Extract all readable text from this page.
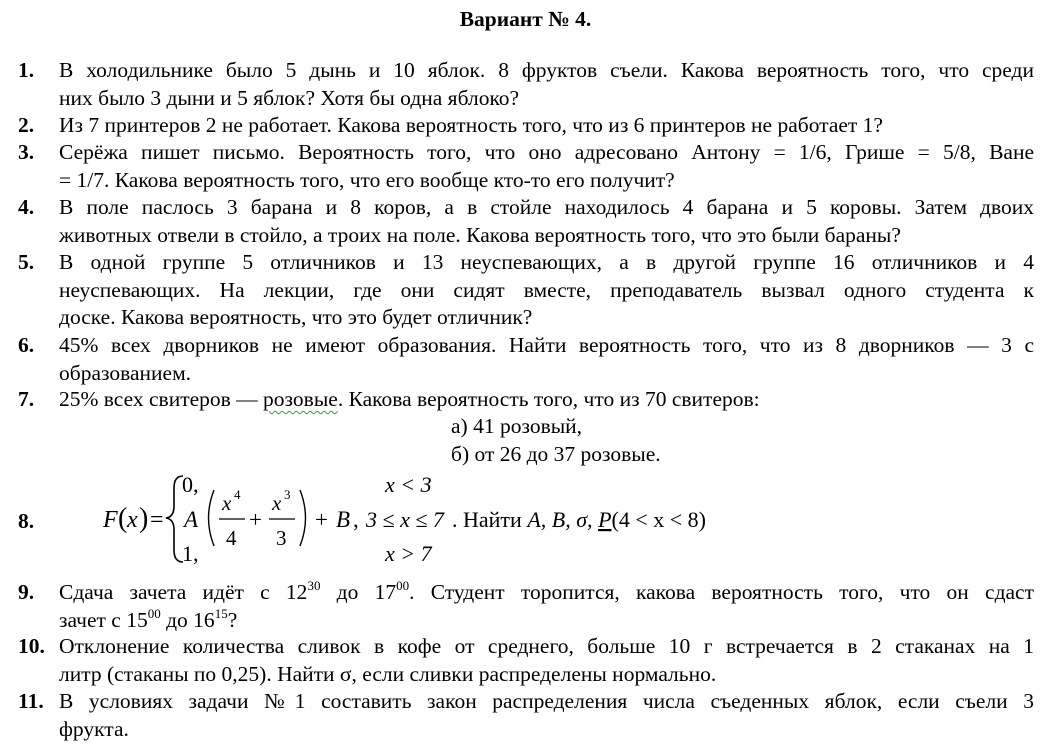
Вариант № 4.
1. В холодильнике было 5 дынь и 10 яблок. 8 фруктов съели. Какова вероятность того, что среди
них было 3 дыни и 5 яблок? Хотя бы одна яблоко?
2. Из 7 принтеров 2 не работает. Какова вероятность того, что из 6 принтеров не работает 1?
3. Серёжа пишет письмо. Вероятность того, что оно адресовано Антону = 1/6, Грише = 5/8, Ване
= 1/7. Какова вероятность того, что его вообще кто-то его получит?
4. В поле паслось 3 барана и 8 коров, а в стойле находилось 4 барана и 5 коровы. Затем двоих
животных отвели в стойло, а троих на поле. Какова вероятность того, что это были бараны?
5. В одной группе 5 отличников и 13 неуспевающих, а в другой группе 16 отличников и 4
неуспевающих. На лекции, где они сидят вместе, преподаватель вызвал одного студента к
доске. Какова вероятность, что это будет отличник?
6. 45% всех дворников не имеют образования. Найти вероятность того, что из 8 дворников — 3 с
образованием.
7. 25% всех свитеров — розовые. Какова вероятность того, что из 70 свитеров:
а) 41 розовый,
б) от 26 до 37 розовые.
8.	F ( x ) =
0,
A
x 4
4
+
x 3
3
+ B ,
1,
x < 3
3 ≤ x ≤ 7
x > 7
. Найти A, B, σ, P(4 < x < 8)
9. Сдача зачета идёт с $12^{30}$ до $17^{00}$. Студент торопится, какова вероятность того, что он сдаст
зачет с $15^{00}$ до $16^{15}$?
10. Отклонение количества сливок в кофе от среднего, больше 10 г встречается в 2 стаканах на 1
литр (стаканы по 0,25). Найти σ, если сливки распределены нормально.
11. В условиях задачи №1 составить закон распределения числа съеденных яблок, если съели 3
фрукта.
